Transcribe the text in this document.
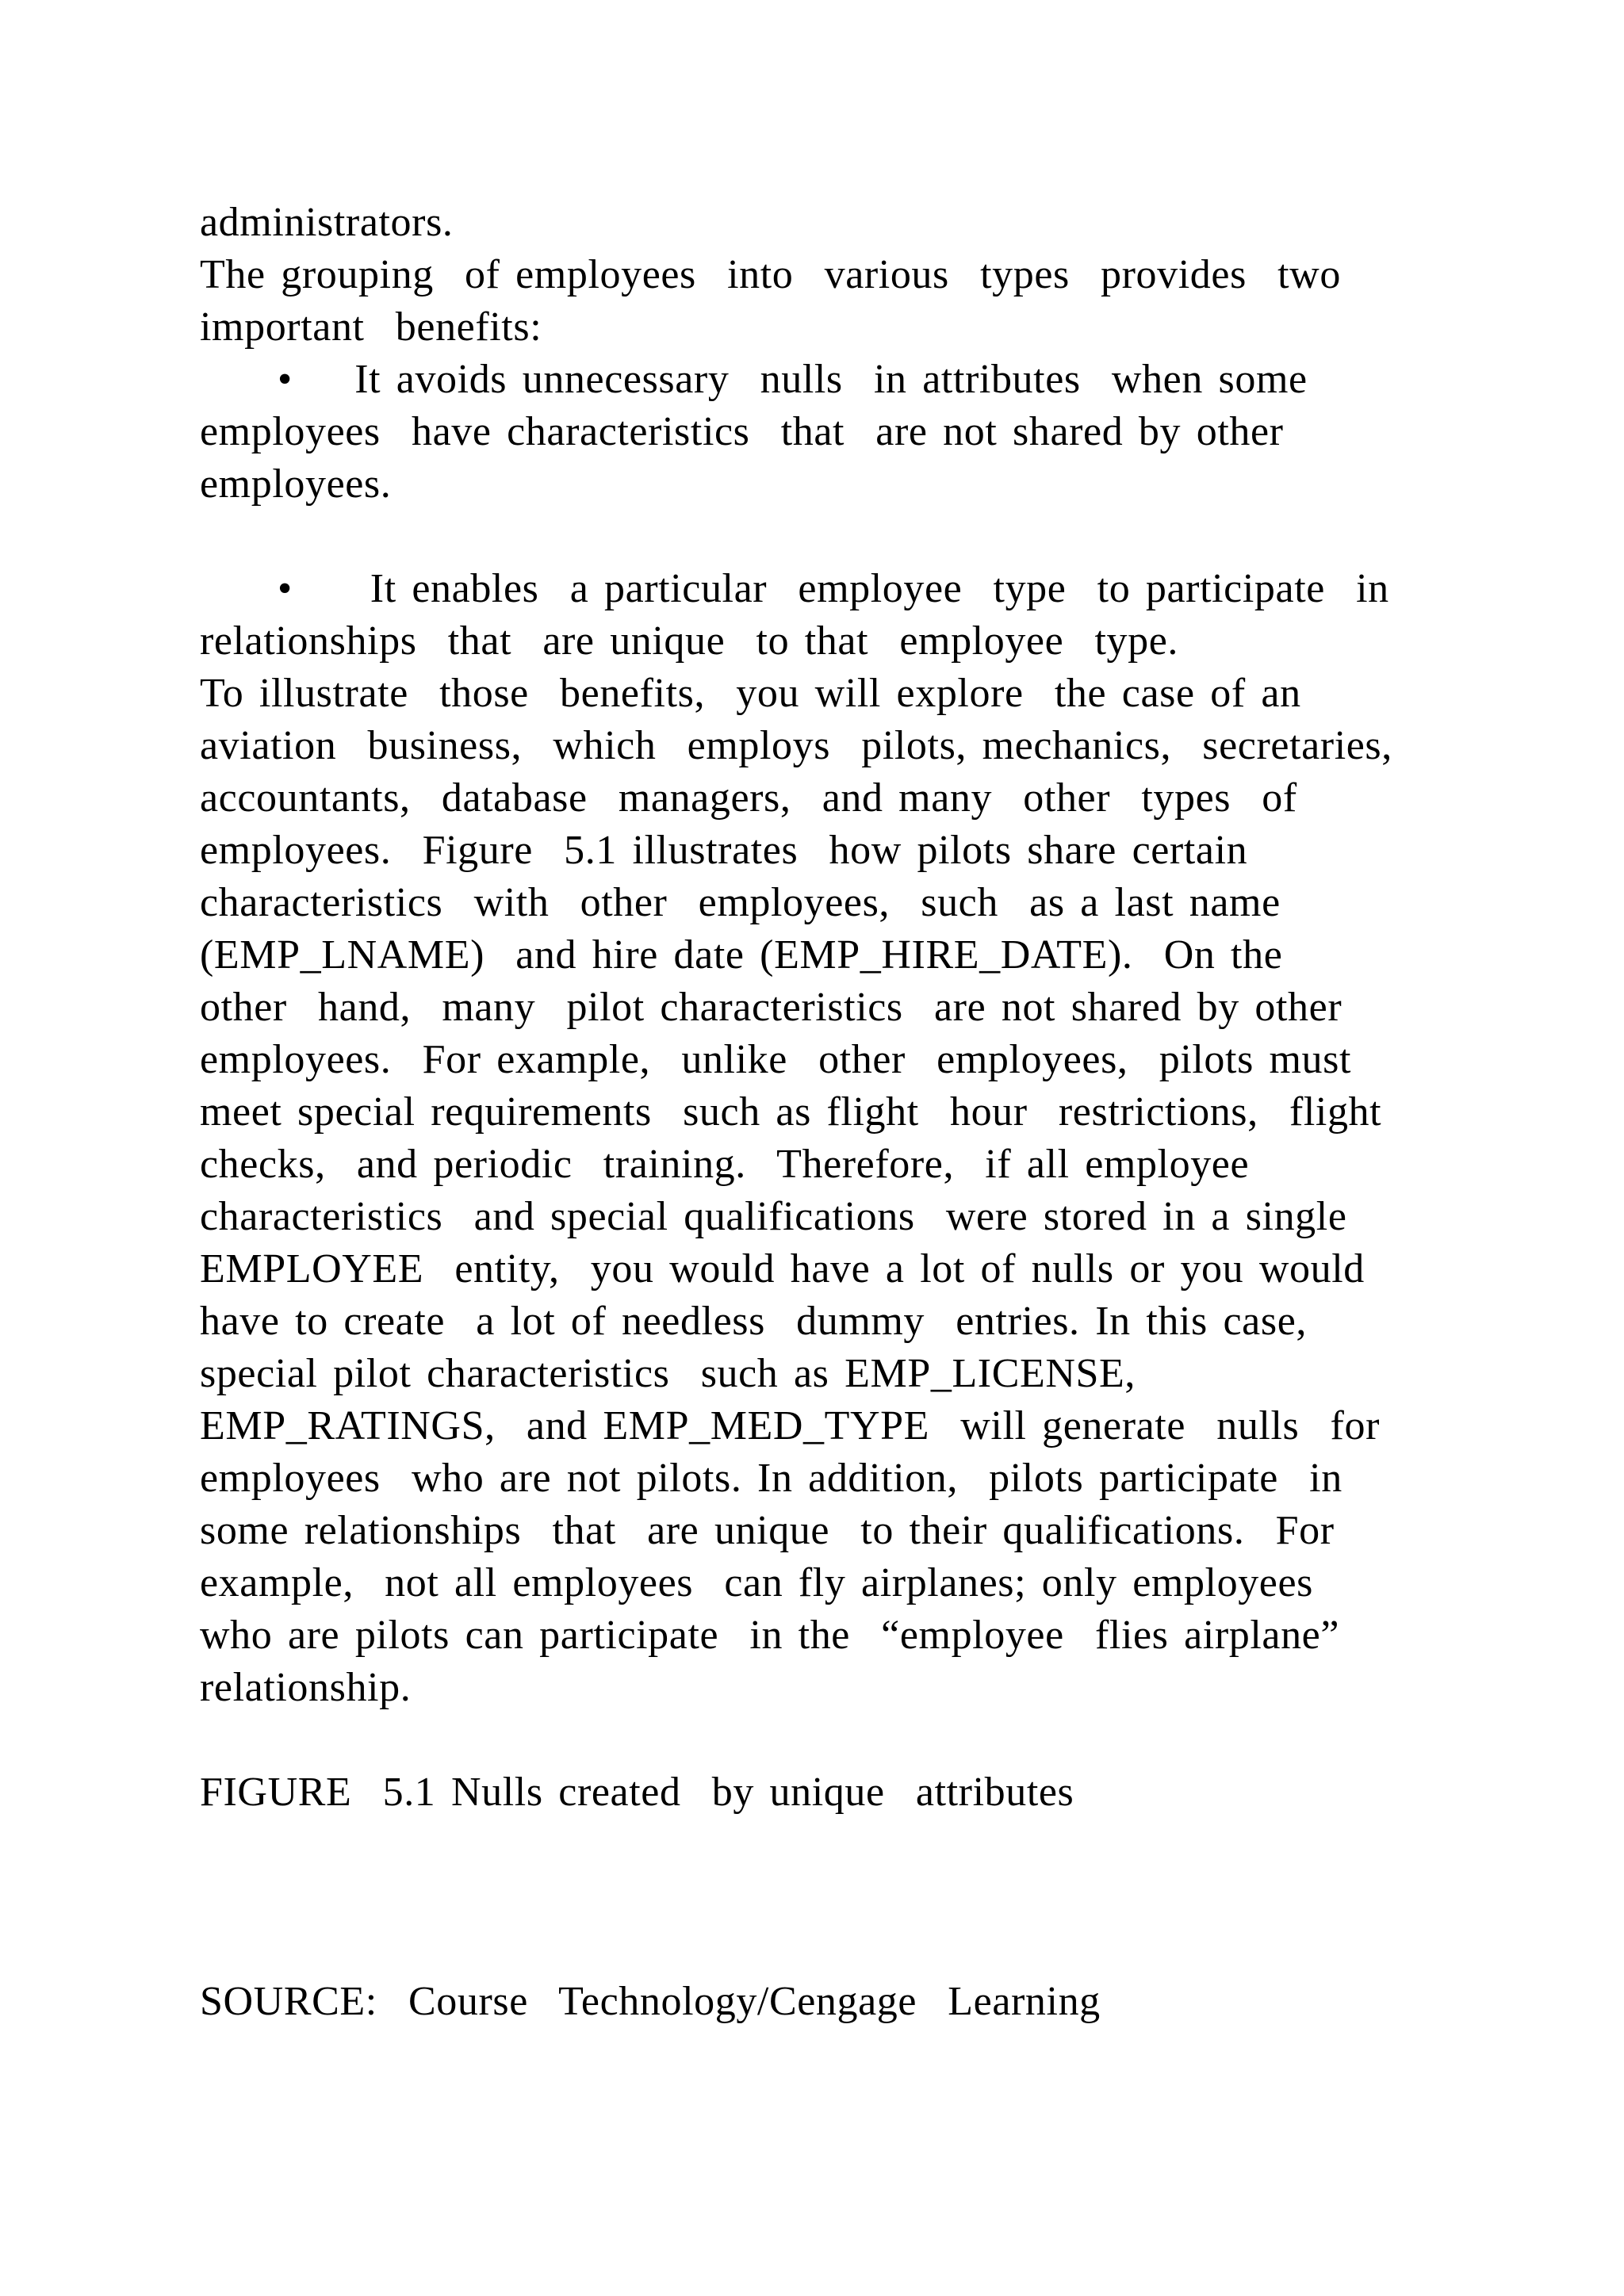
administrators.
The grouping  of employees  into  various  types  provides  two
important  benefits:
•    It avoids unnecessary  nulls  in attributes  when some
employees  have characteristics  that  are not shared by other
employees.
•     It enables  a particular  employee  type  to participate  in
relationships  that  are unique  to that  employee  type.
To illustrate  those  benefits,  you will explore  the case of an
aviation  business,  which  employs  pilots, mechanics,  secretaries,
accountants,  database  managers,  and many  other  types  of
employees.  Figure  5.1 illustrates  how pilots share certain
characteristics  with  other  employees,  such  as a last name
(EMP_LNAME)  and hire date (EMP_HIRE_DATE).  On the
other  hand,  many  pilot characteristics  are not shared by other
employees.  For example,  unlike  other  employees,  pilots must
meet special requirements  such as flight  hour  restrictions,  flight
checks,  and periodic  training.  Therefore,  if all employee
characteristics  and special qualifications  were stored in a single
EMPLOYEE  entity,  you would have a lot of nulls or you would
have to create  a lot of needless  dummy  entries. In this case,
special pilot characteristics  such as EMP_LICENSE,
EMP_RATINGS,  and EMP_MED_TYPE  will generate  nulls  for
employees  who are not pilots. In addition,  pilots participate  in
some relationships  that  are unique  to their qualifications.  For
example,  not all employees  can fly airplanes; only employees
who are pilots can participate  in the  “employee  flies airplane”
relationship.
FIGURE  5.1 Nulls created  by unique  attributes
SOURCE:  Course  Technology/Cengage  Learning
